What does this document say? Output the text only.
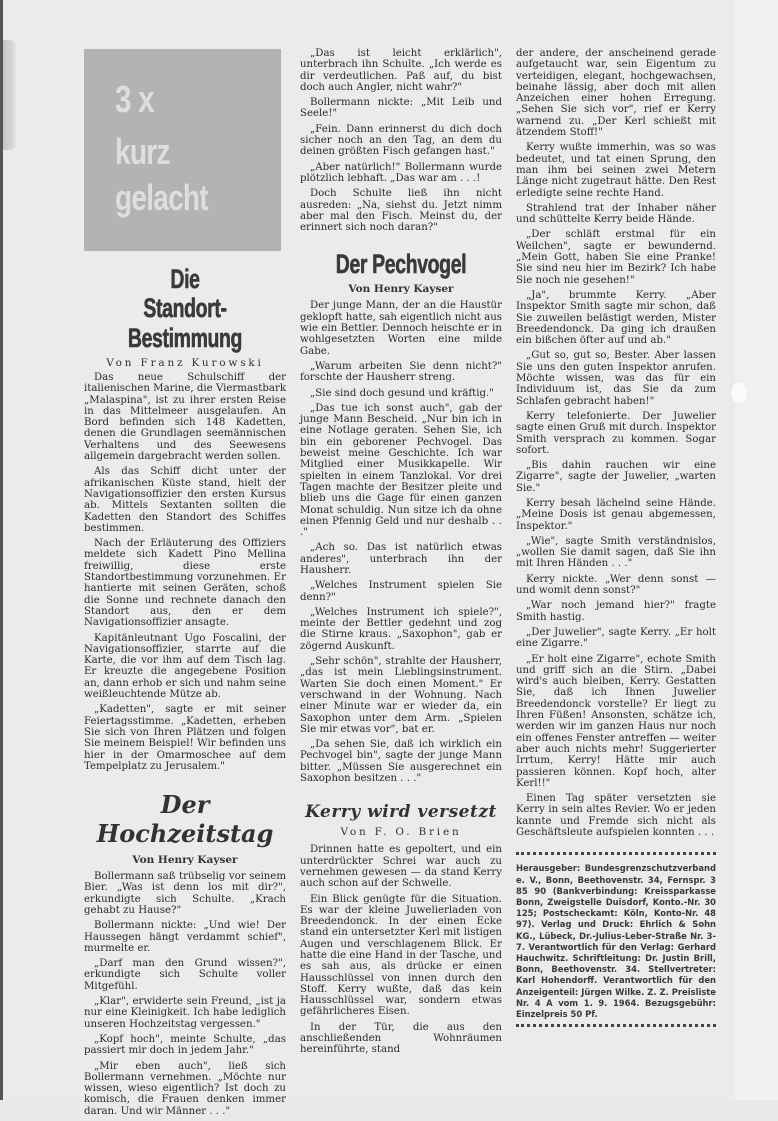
3 x
kurz
gelacht
Die
Standort-Bestimmung
Von Franz Kurowski

Das neue Schulschiff der italienischen Marine, die Viermastbark „Malaspina", ist zu ihrer ersten Reise in das Mittelmeer ausgelaufen. An Bord befinden sich 148 Kadetten, denen die Grundlagen seemännischen Verhaltens und des Seewesens allgemein dargebracht werden sollen.

Als das Schiff dicht unter der afrikanischen Küste stand, hielt der Navigationsoffizier den ersten Kursus ab. Mittels Sextanten sollten die Kadetten den Standort des Schiffes bestimmen.

Nach der Erläuterung des Offiziers meldete sich Kadett Pino Mellina freiwillig, diese erste Standortbestimmung vorzunehmen. Er hantierte mit seinen Geräten, schoß die Sonne und rechnete danach den Standort aus, den er dem Navigationsoffizier ansagte.

Kapitänleutnant Ugo Foscalini, der Navigationsoffizier, starrte auf die Karte, die vor ihm auf dem Tisch lag. Er kreuzte die angegebene Position an, dann erhob er sich und nahm seine weißleuchtende Mütze ab.

„Kadetten", sagte er mit seiner Feiertagsstimme. „Kadetten, erheben Sie sich von Ihren Plätzen und folgen Sie meinem Beispiel! Wir befinden uns hier in der Omarmoschee auf dem Tempelplatz zu Jerusalem."

Der Hochzeitstag
Von Henry Kayser

Bollermann saß trübselig vor seinem Bier. „Was ist denn los mit dir?", erkundigte sich Schulte. „Krach gehabt zu Hause?"

Bollermann nickte: „Und wie! Der Haussegen hängt verdammt schief", murmelte er.

„Darf man den Grund wissen?", erkundigte sich Schulte voller Mitgefühl.

„Klar", erwiderte sein Freund, „ist ja nur eine Kleinigkeit. Ich habe lediglich unseren Hochzeitstag vergessen."

„Kopf hoch", meinte Schulte, „das passiert mir doch in jedem Jahr."

„Mir eben auch", ließ sich Bollermann vernehmen. „Möchte nur wissen, wieso eigentlich? Ist doch zu komisch, die Frauen denken immer daran. Und wir Männer . . ."

„Das ist leicht erklärlich", unterbrach ihn Schulte. „Ich werde es dir verdeutlichen. Paß auf, du bist doch auch Angler, nicht wahr?"

Bollermann nickte: „Mit Leib und Seele!"

„Fein. Dann erinnerst du dich doch sicher noch an den Tag, an dem du deinen größten Fisch gefangen hast."

„Aber natürlich!" Bollermann wurde plötzlich lebhaft. „Das war am . . .!

Doch Schulte ließ ihn nicht ausreden: „Na, siehst du. Jetzt nimm aber mal den Fisch. Meinst du, der erinnert sich noch daran?"

Der Pechvogel
Von Henry Kayser

Der junge Mann, der an die Haustür geklopft hatte, sah eigentlich nicht aus wie ein Bettler. Dennoch heischte er in wohlgesetzten Worten eine milde Gabe.

„Warum arbeiten Sie denn nicht?" forschte der Hausherr streng.

„Sie sind doch gesund und kräftig."

„Das tue ich sonst auch", gab der junge Mann Bescheid. „Nur bin ich in eine Notlage geraten. Sehen Sie, ich bin ein geborener Pechvogel. Das beweist meine Geschichte. Ich war Mitglied einer Musikkapelle. Wir spielten in einem Tanzlokal. Vor drei Tagen machte der Besitzer pleite und blieb uns die Gage für einen ganzen Monat schuldig. Nun sitze ich da ohne einen Pfennig Geld und nur deshalb . . ."

„Ach so. Das ist natürlich etwas anderes", unterbrach ihn der Hausherr.

„Welches Instrument spielen Sie denn?"

„Welches Instrument ich spiele?", meinte der Bettler gedehnt und zog die Stirne kraus. „Saxophon", gab er zögernd Auskunft.

„Sehr schön", strahlte der Hausherr, „das ist mein Lieblingsinstrument. Warten Sie doch einen Moment." Er verschwand in der Wohnung. Nach einer Minute war er wieder da, ein Saxophon unter dem Arm. „Spielen Sie mir etwas vor", bat er.

„Da sehen Sie, daß ich wirklich ein Pechvogel bin", sagte der junge Mann bitter. „Müssen Sie ausgerechnet ein Saxophon besitzen . . ."

Kerry wird versetzt
Von F. O. Brien

Drinnen hatte es gepoltert, und ein unterdrückter Schrei war auch zu vernehmen gewesen — da stand Kerry auch schon auf der Schwelle.

Ein Blick genügte für die Situation. Es war der kleine Juwelierladen von Breedendonck. In der einen Ecke stand ein untersetzter Kerl mit listigen Augen und verschlagenem Blick. Er hatte die eine Hand in der Tasche, und es sah aus, als drücke er einen Hausschlüssel von innen durch den Stoff. Kerry wußte, daß das kein Hausschlüssel war, sondern etwas gefährlicheres Eisen.

In der Tür, die aus den anschließenden Wohnräumen hereinführte, stand

der andere, der anscheinend gerade aufgetaucht war, sein Eigentum zu verteidigen, elegant, hochgewachsen, beinahe lässig, aber doch mit allen Anzeichen einer hohen Erregung. „Sehen Sie sich vor", rief er Kerry warnend zu. „Der Kerl schießt mit ätzendem Stoff!"

Kerry wußte immerhin, was so was bedeutet, und tat einen Sprung, den man ihm bei seinen zwei Metern Länge nicht zugetraut hätte. Den Rest erledigte seine rechte Hand.

Strahlend trat der Inhaber näher und schüttelte Kerry beide Hände.

„Der schläft erstmal für ein Weilchen", sagte er bewundernd. „Mein Gott, haben Sie eine Pranke! Sie sind neu hier im Bezirk? Ich habe Sie noch nie gesehen!"

„Ja", brummte Kerry. „Aber Inspektor Smith sagte mir schon, daß Sie zuweilen belästigt werden, Mister Breedendonck. Da ging ich draußen ein bißchen öfter auf und ab."

„Gut so, gut so, Bester. Aber lassen Sie uns den guten Inspektor anrufen. Möchte wissen, was das für ein Individuum ist, das Sie da zum Schlafen gebracht haben!"

Kerry telefonierte. Der Juwelier sagte einen Gruß mit durch. Inspektor Smith versprach zu kommen. Sogar sofort.

„Bis dahin rauchen wir eine Zigarre", sagte der Juwelier, „warten Sie."

Kerry besah lächelnd seine Hände. „Meine Dosis ist genau abgemessen, Inspektor."

„Wie", sagte Smith verständnislos, „wollen Sie damit sagen, daß Sie ihn mit Ihren Händen . . ."

Kerry nickte. „Wer denn sonst — und womit denn sonst?"

„War noch jemand hier?" fragte Smith hastig.

„Der Juwelier", sagte Kerry. „Er holt eine Zigarre."

„Er holt eine Zigarre", echote Smith und griff sich an die Stirn. „Dabei wird's auch bleiben, Kerry. Gestatten Sie, daß ich Ihnen Juwelier Breedendonck vorstelle? Er liegt zu Ihren Füßen! Ansonsten, schätze ich, werden wir im ganzen Haus nur noch ein offenes Fenster antreffen — weiter aber auch nichts mehr! Suggerierter Irrtum, Kerry! Hätte mir auch passieren können. Kopf hoch, alter Kerl!!"

Einen Tag später versetzten sie Kerry in sein altes Revier. Wo er jeden kannte und Fremde sich nicht als Geschäftsleute aufspielen konnten . . .

Herausgeber: Bundesgrenzschutzverband e. V., Bonn, Beethovenstr. 34, Fernspr. 3 85 90 (Bankverbindung: Kreissparkasse Bonn, Zweigstelle Duisdorf, Konto.-Nr. 30 125; Postscheckamt: Köln, Konto-Nr. 48 97). Verlag und Druck: Ehrlich & Sohn KG., Lübeck, Dr.-Julius-Leber-Straße Nr. 3-7. Verantwortlich für den Verlag: Gerhard Hauchwitz. Schriftleitung: Dr. Justin Brill, Bonn, Beethovenstr. 34. Stellvertreter: Karl Hohendorff. Verantwortlich für den Anzeigenteil: Jürgen Wilke. Z. Z. Preisliste Nr. 4 A vom 1. 9. 1964. Bezugsgebühr: Einzelpreis 50 Pf.
